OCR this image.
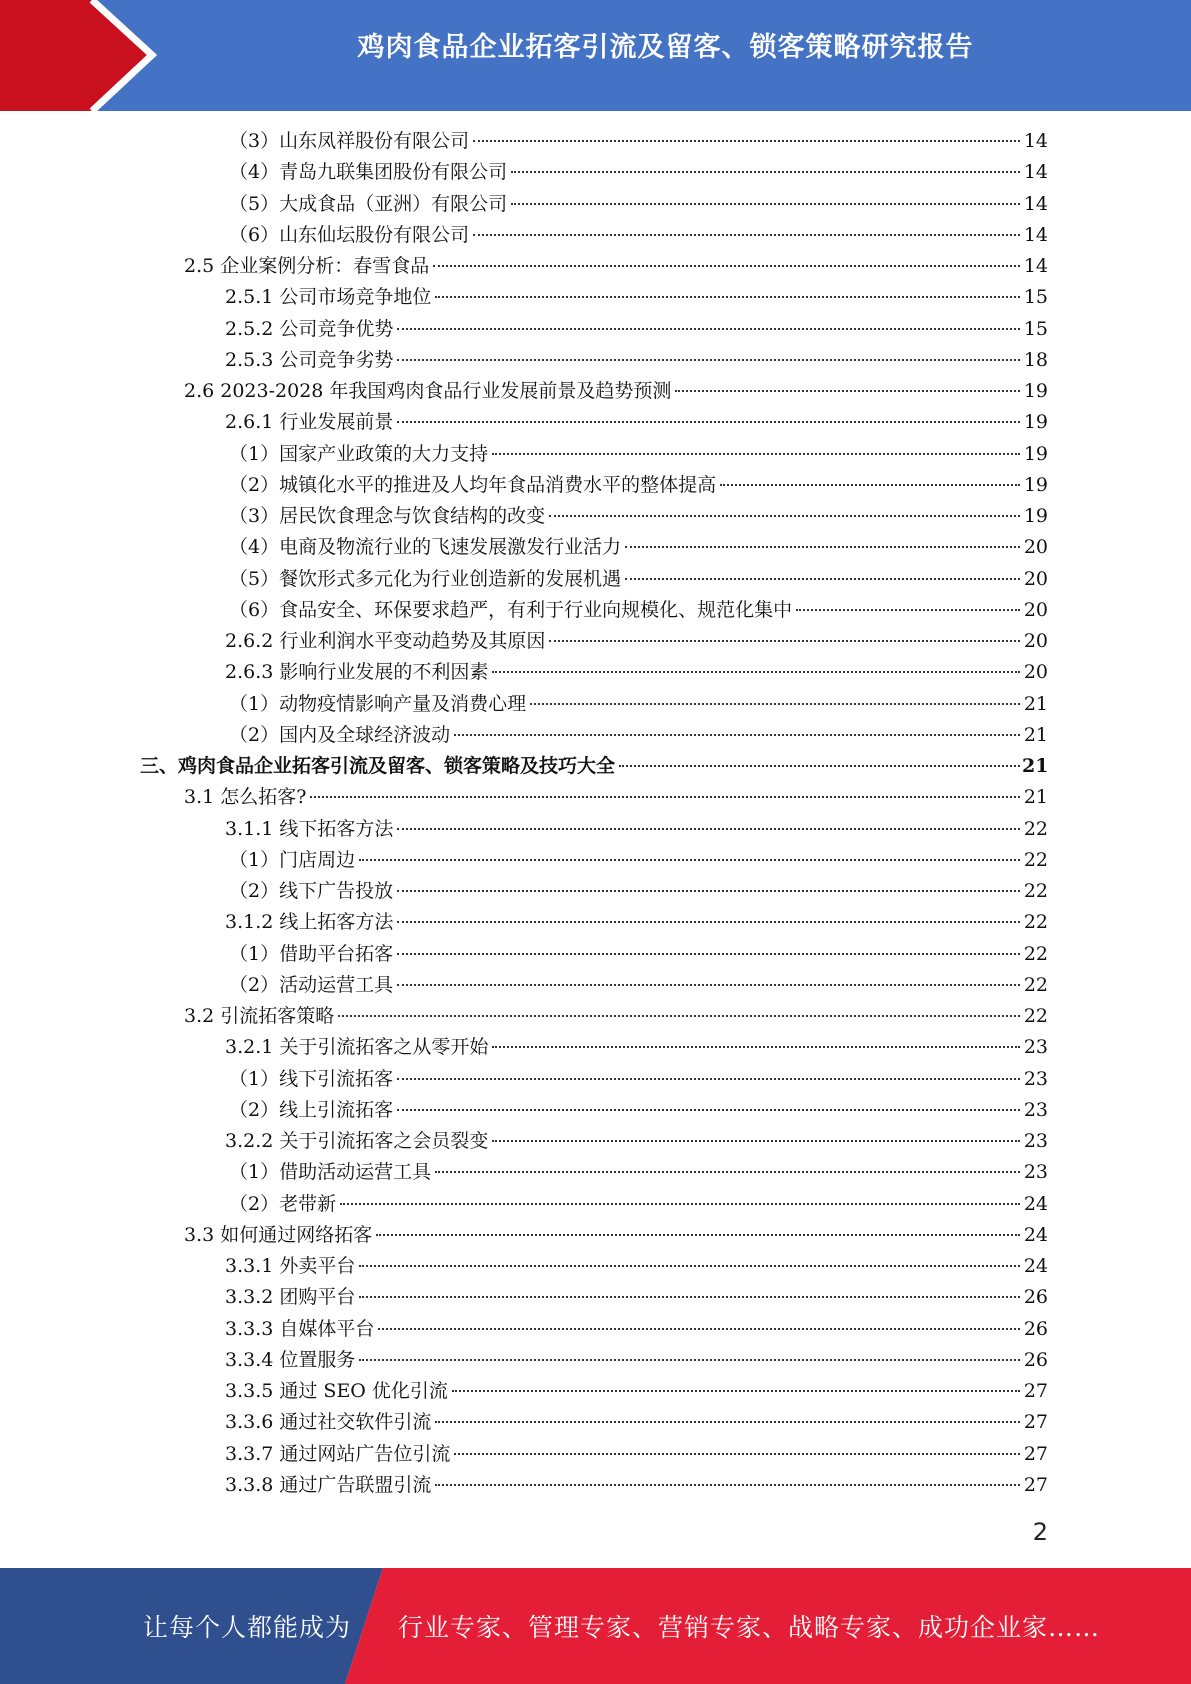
鸡肉食品企业拓客引流及留客、锁客策略研究报告
（3）山东凤祥股份有限公司	14
（4）青岛九联集团股份有限公司	14
（5）大成食品（亚洲）有限公司	14
（6）山东仙坛股份有限公司	14
2.5 企业案例分析：春雪食品	14
2.5.1 公司市场竞争地位	15
2.5.2 公司竞争优势	15
2.5.3 公司竞争劣势	18
2.6 2023-2028 年我国鸡肉食品行业发展前景及趋势预测	19
2.6.1 行业发展前景	19
（1）国家产业政策的大力支持	19
（2）城镇化水平的推进及人均年食品消费水平的整体提高	19
（3）居民饮食理念与饮食结构的改变	19
（4）电商及物流行业的飞速发展激发行业活力	20
（5）餐饮形式多元化为行业创造新的发展机遇	20
（6）食品安全、环保要求趋严，有利于行业向规模化、规范化集中	20
2.6.2 行业利润水平变动趋势及其原因	20
2.6.3 影响行业发展的不利因素	20
（1）动物疫情影响产量及消费心理	21
（2）国内及全球经济波动	21
三、鸡肉食品企业拓客引流及留客、锁客策略及技巧大全	21
3.1 怎么拓客?	21
3.1.1 线下拓客方法	22
（1）门店周边	22
（2）线下广告投放	22
3.1.2 线上拓客方法	22
（1）借助平台拓客	22
（2）活动运营工具	22
3.2 引流拓客策略	22
3.2.1 关于引流拓客之从零开始	23
（1）线下引流拓客	23
（2）线上引流拓客	23
3.2.2 关于引流拓客之会员裂变	23
（1）借助活动运营工具	23
（2）老带新	24
3.3 如何通过网络拓客	24
3.3.1 外卖平台	24
3.3.2 团购平台	26
3.3.3 自媒体平台	26
3.3.4 位置服务	26
3.3.5 通过 SEO 优化引流	27
3.3.6 通过社交软件引流	27
3.3.7 通过网站广告位引流	27
3.3.8 通过广告联盟引流	27
2
让每个人都能成为 行业专家、管理专家、营销专家、战略专家、成功企业家……
